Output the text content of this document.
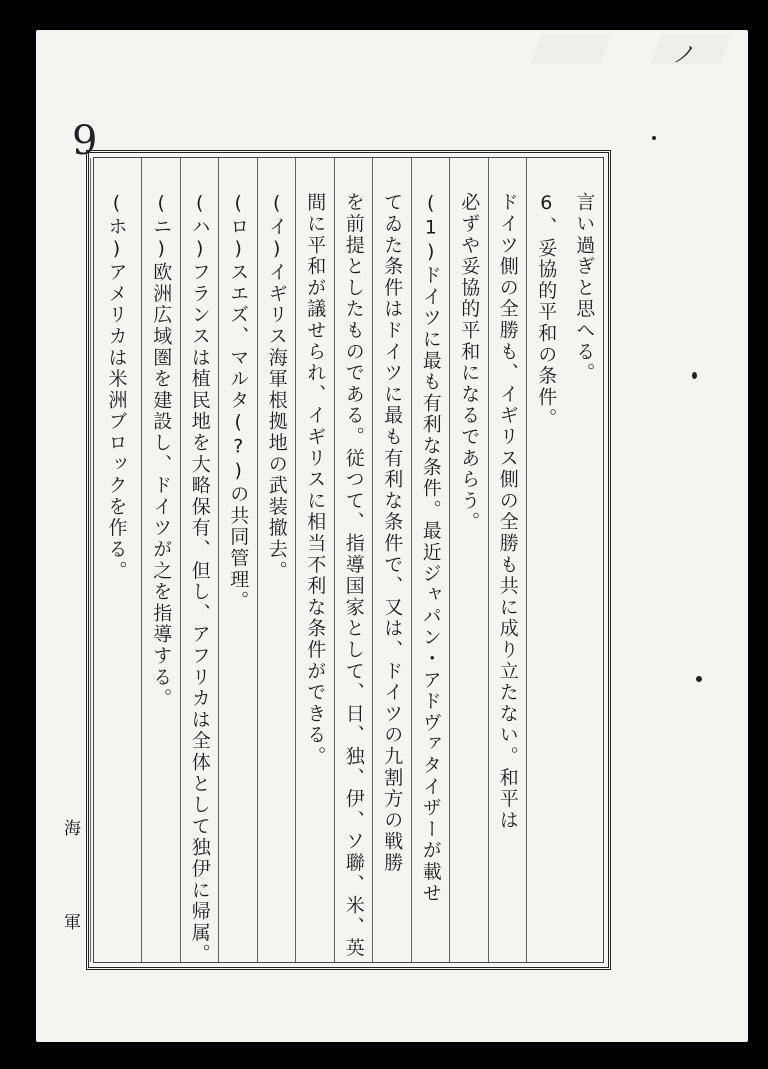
ノ
9
海
軍
言い過ぎと思へる。
6、妥協的平和の条件。
ドイツ側の全勝も、イギリス側の全勝も共に成り立たない。和平は
必ずや妥協的平和になるであらう。
(1)ドイツに最も有利な条件。最近ジャパン・アドヴァタイザーが載せ
てゐた条件はドイツに最も有利な条件で、又は、ドイツの九割方の戦勝
を前提としたものである。従つて、指導国家として、日、独、伊、ソ聯、米、英
間に平和が議せられ、イギリスに相当不利な条件ができる。
(イ)イギリス海軍根拠地の武装撤去。
(ロ)スエズ、マルタ(?)の共同管理。
(ハ)フランスは植民地を大略保有、但し、アフリカは全体として独伊に帰属。
(ニ)欧洲広域圏を建設し、ドイツが之を指導する。
(ホ)アメリカは米洲ブロックを作る。
